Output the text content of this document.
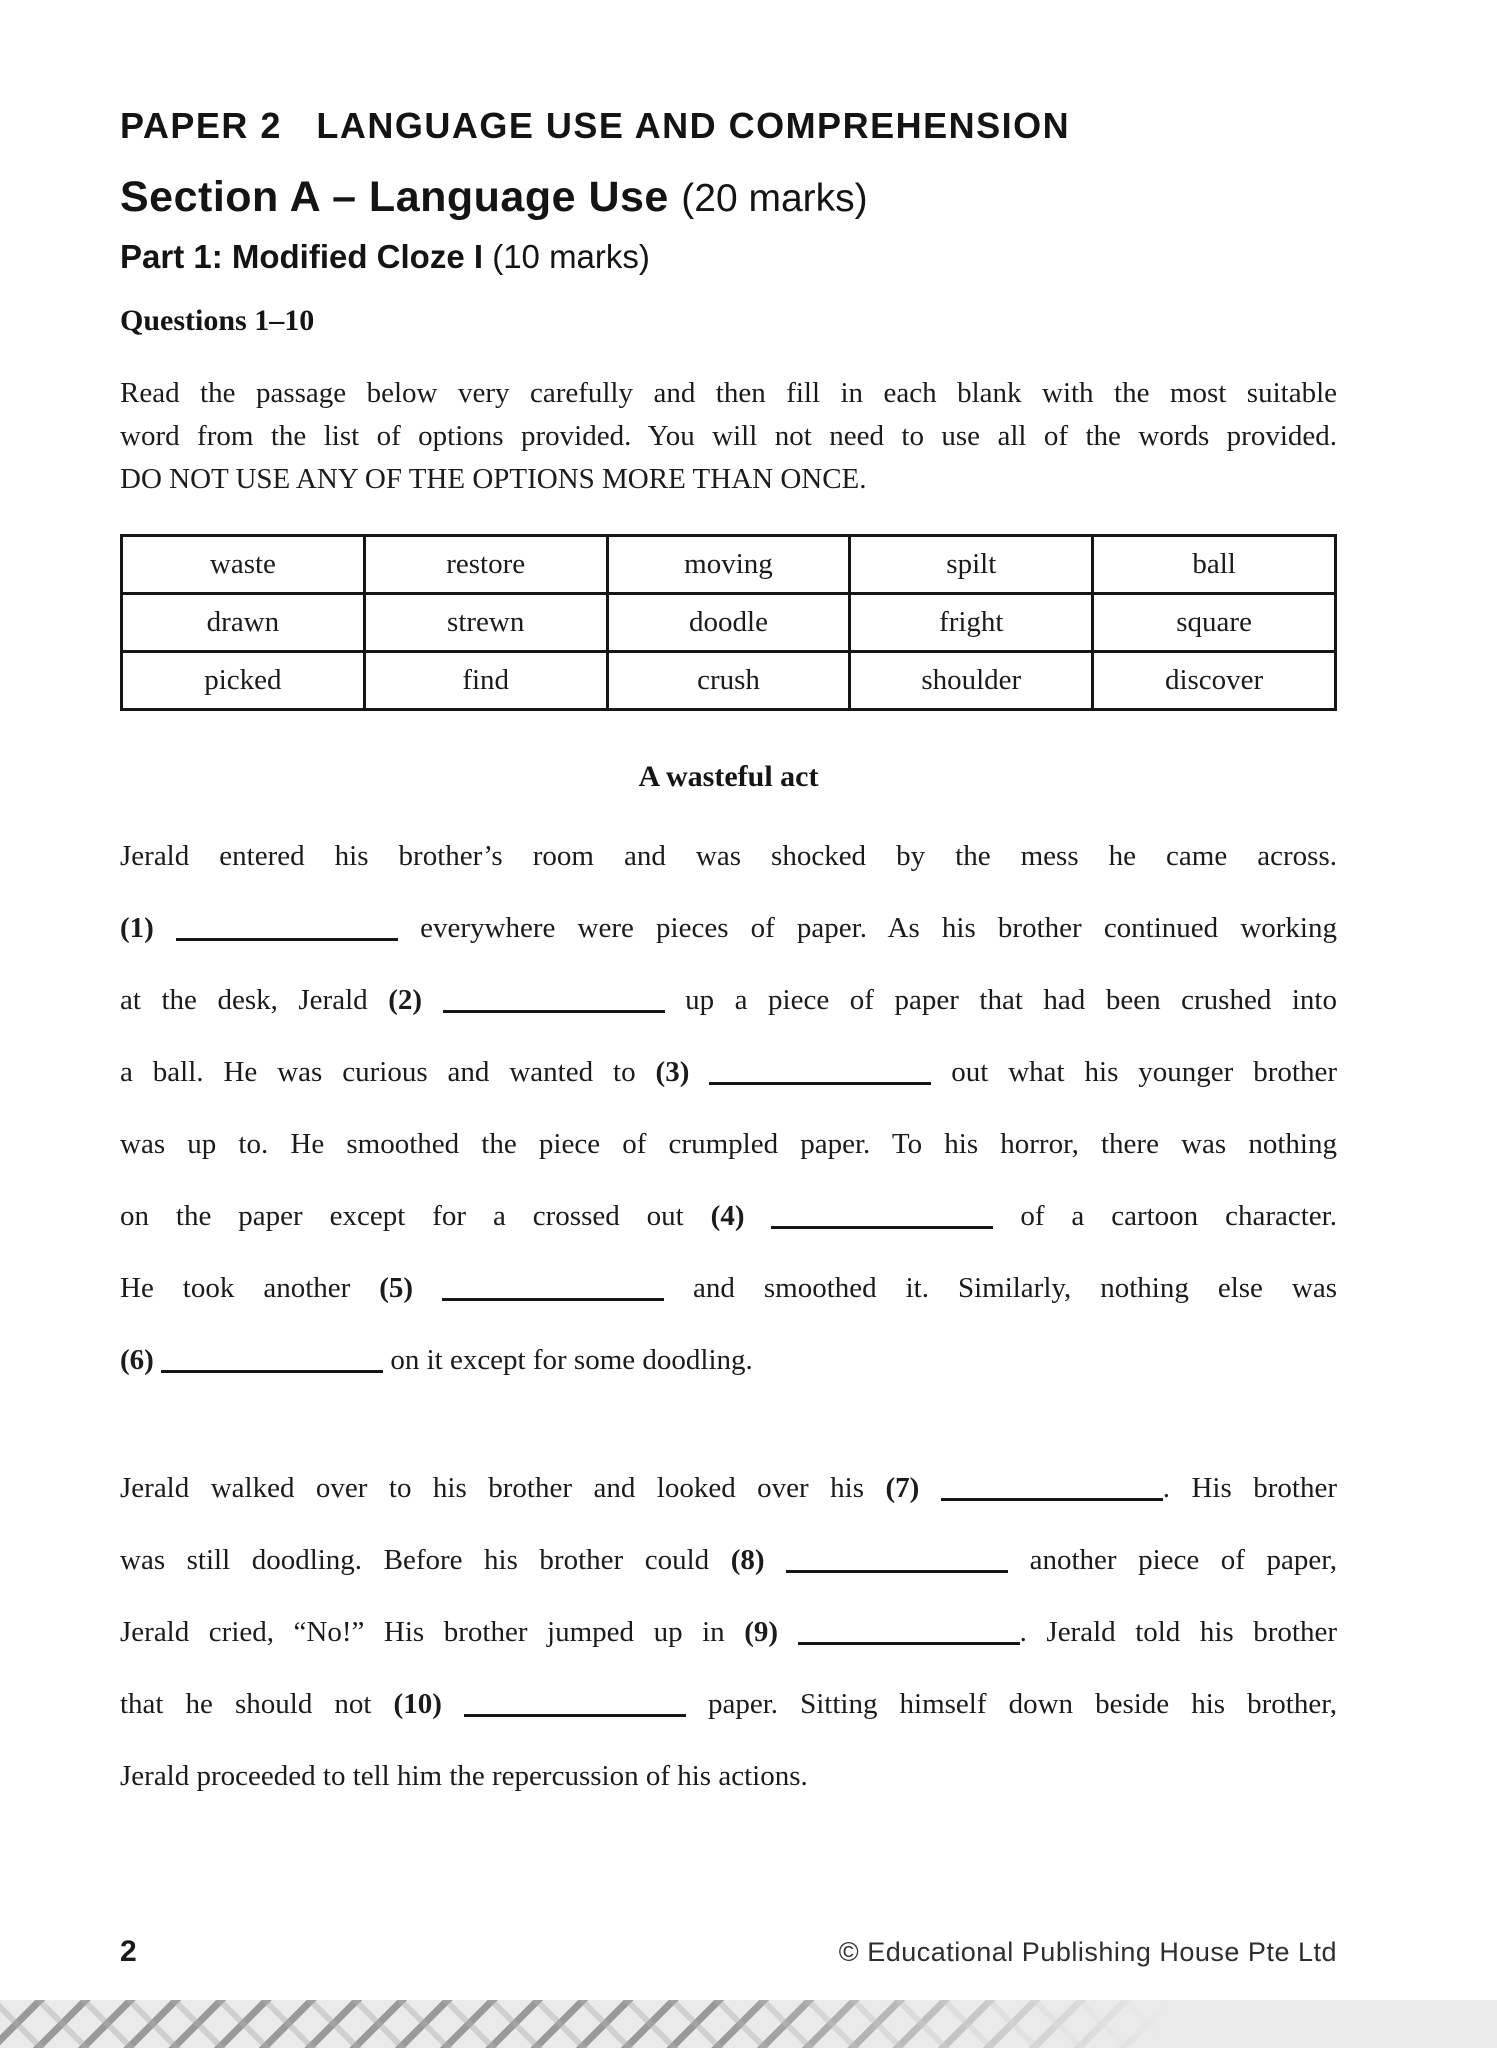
PAPER 2   LANGUAGE USE AND COMPREHENSION
Section A – Language Use (20 marks)
Part 1: Modified Cloze I (10 marks)
Questions 1–10
Read the passage below very carefully and then fill in each blank with the most suitable
word from the list of options provided. You will not need to use all of the words provided.
DO NOT USE ANY OF THE OPTIONS MORE THAN ONCE.
waste	restore	moving	spilt	ball
drawn	strewn	doodle	fright	square
picked	find	crush	shoulder	discover
A wasteful act
Jerald entered his brother’s room and was shocked by the mess he came across.
(1)	everywhere were pieces of paper. As his brother continued working
at the desk, Jerald (2)	up a piece of paper that had been crushed into
a ball. He was curious and wanted to (3)	out what his younger brother
was up to. He smoothed the piece of crumpled paper. To his horror, there was nothing
on the paper except for a crossed out (4)	of a cartoon character.
He took another (5)	and smoothed it. Similarly, nothing else was
(6)	on it except for some doodling.
Jerald walked over to his brother and looked over his (7)	. His brother
was still doodling. Before his brother could (8)	another piece of paper,
Jerald cried, “No!” His brother jumped up in (9)	. Jerald told his brother
that he should not (10)	paper. Sitting himself down beside his brother,
Jerald proceeded to tell him the repercussion of his actions.
2	© Educational Publishing House Pte Ltd
